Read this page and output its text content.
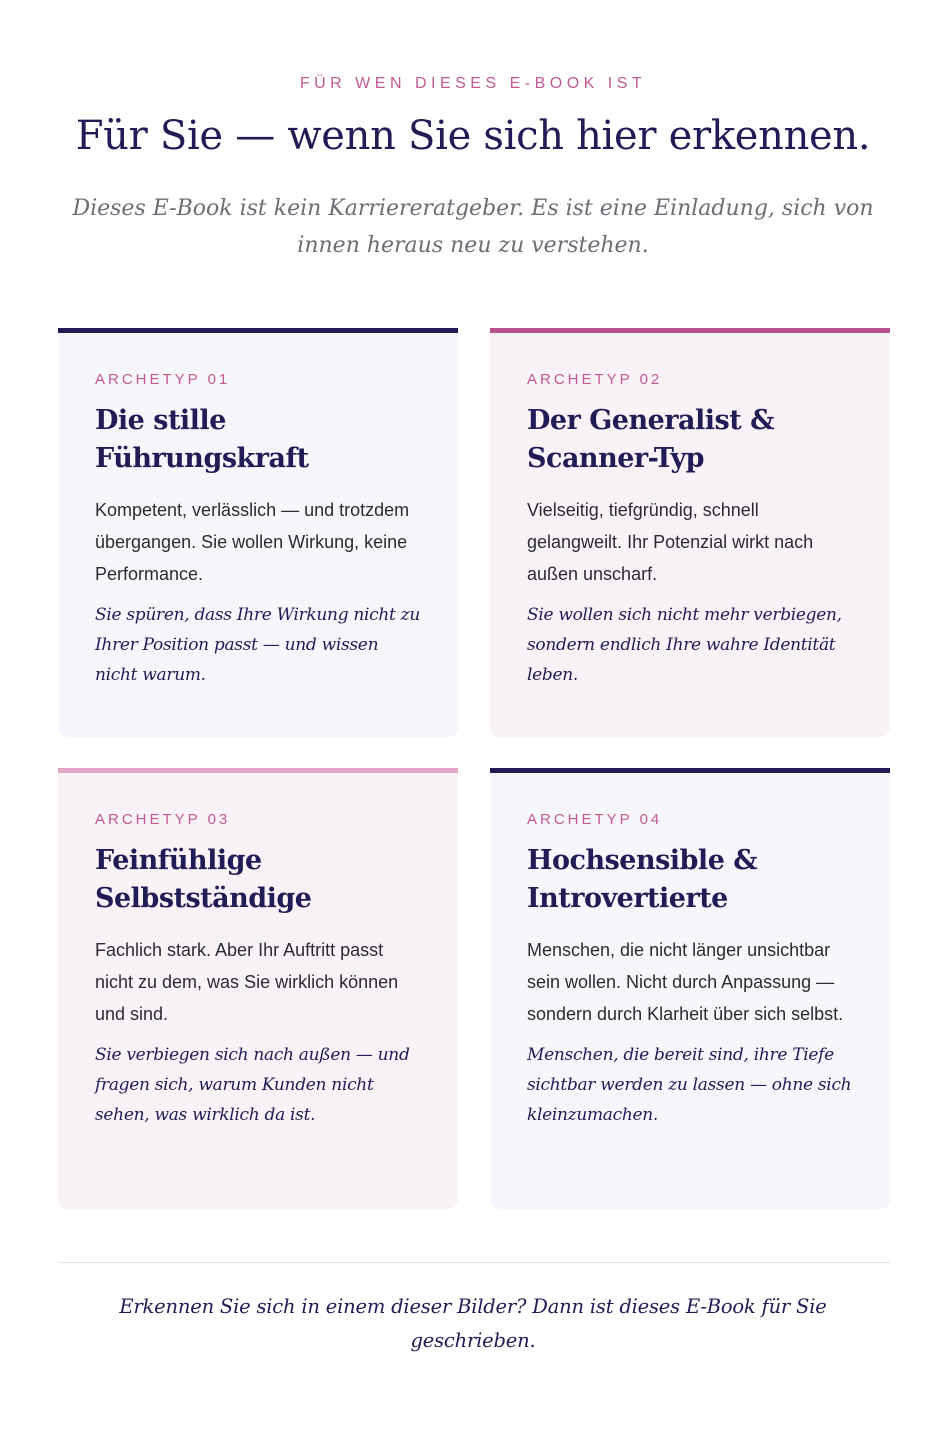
FÜR WEN DIESES E-BOOK IST
Für Sie — wenn Sie sich hier erkennen.

Dieses E-Book ist kein Karriereratgeber. Es ist eine Einladung, sich von innen heraus neu zu verstehen.

ARCHETYP 01
Die stille Führungskraft

Kompetent, verlässlich — und trotzdem übergangen. Sie wollen Wirkung, keine Performance.

Sie spüren, dass Ihre Wirkung nicht zu Ihrer Position passt — und wissen nicht warum.

ARCHETYP 02
Der Generalist & Scanner-Typ

Vielseitig, tiefgründig, schnell gelangweilt. Ihr Potenzial wirkt nach außen unscharf.

Sie wollen sich nicht mehr verbiegen, sondern endlich Ihre wahre Identität leben.

ARCHETYP 03
Feinfühlige Selbstständige

Fachlich stark. Aber Ihr Auftritt passt nicht zu dem, was Sie wirklich können und sind.

Sie verbiegen sich nach außen — und fragen sich, warum Kunden nicht sehen, was wirklich da ist.

ARCHETYP 04
Hochsensible & Introvertierte

Menschen, die nicht länger unsichtbar sein wollen. Nicht durch Anpassung — sondern durch Klarheit über sich selbst.

Menschen, die bereit sind, ihre Tiefe sichtbar werden zu lassen — ohne sich kleinzumachen.

Erkennen Sie sich in einem dieser Bilder? Dann ist dieses E-Book für Sie geschrieben.
